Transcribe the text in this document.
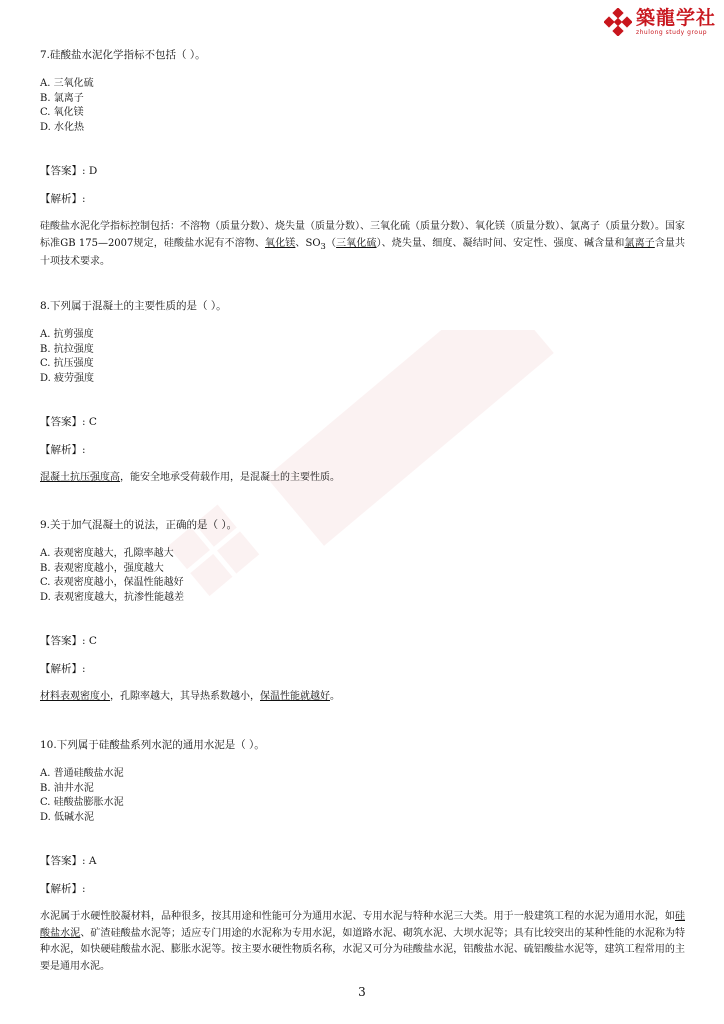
築龍学社
zhulong study group
7.硅酸盐水泥化学指标不包括（ ）。
A. 三氧化硫
B. 氯离子
C. 氧化镁
D. 水化热
【答案】: D
【解析】:
硅酸盐水泥化学指标控制包括：不溶物（质量分数）、烧失量（质量分数）、三氧化硫（质量分数）、氧化镁（质量分数）、氯离子（质量分数）。国家标准GB 175—2007规定，硅酸盐水泥有不溶物、氧化镁、$SO_3$（三氧化硫）、烧失量、细度、凝结时间、安定性、强度、碱含量和氯离子含量共十项技术要求。
8.下列属于混凝土的主要性质的是（ ）。
A. 抗剪强度
B. 抗拉强度
C. 抗压强度
D. 疲劳强度
【答案】: C
【解析】:
混凝土抗压强度高，能安全地承受荷载作用，是混凝土的主要性质。
9.关于加气混凝土的说法，正确的是（ ）。
A. 表观密度越大，孔隙率越大
B. 表观密度越小，强度越大
C. 表观密度越小，保温性能越好
D. 表观密度越大，抗渗性能越差
【答案】: C
【解析】:
材料表观密度小，孔隙率越大，其导热系数越小，保温性能就越好。
10.下列属于硅酸盐系列水泥的通用水泥是（ ）。
A. 普通硅酸盐水泥
B. 油井水泥
C. 硅酸盐膨胀水泥
D. 低碱水泥
【答案】: A
【解析】:
水泥属于水硬性胶凝材料，品种很多，按其用途和性能可分为通用水泥、专用水泥与特种水泥三大类。用于一般建筑工程的水泥为通用水泥，如硅酸盐水泥、矿渣硅酸盐水泥等；适应专门用途的水泥称为专用水泥，如道路水泥、砌筑水泥、大坝水泥等；具有比较突出的某种性能的水泥称为特种水泥，如快硬硅酸盐水泥、膨胀水泥等。按主要水硬性物质名称，水泥又可分为硅酸盐水泥，铝酸盐水泥、硫铝酸盐水泥等，建筑工程常用的主要是通用水泥。
3
